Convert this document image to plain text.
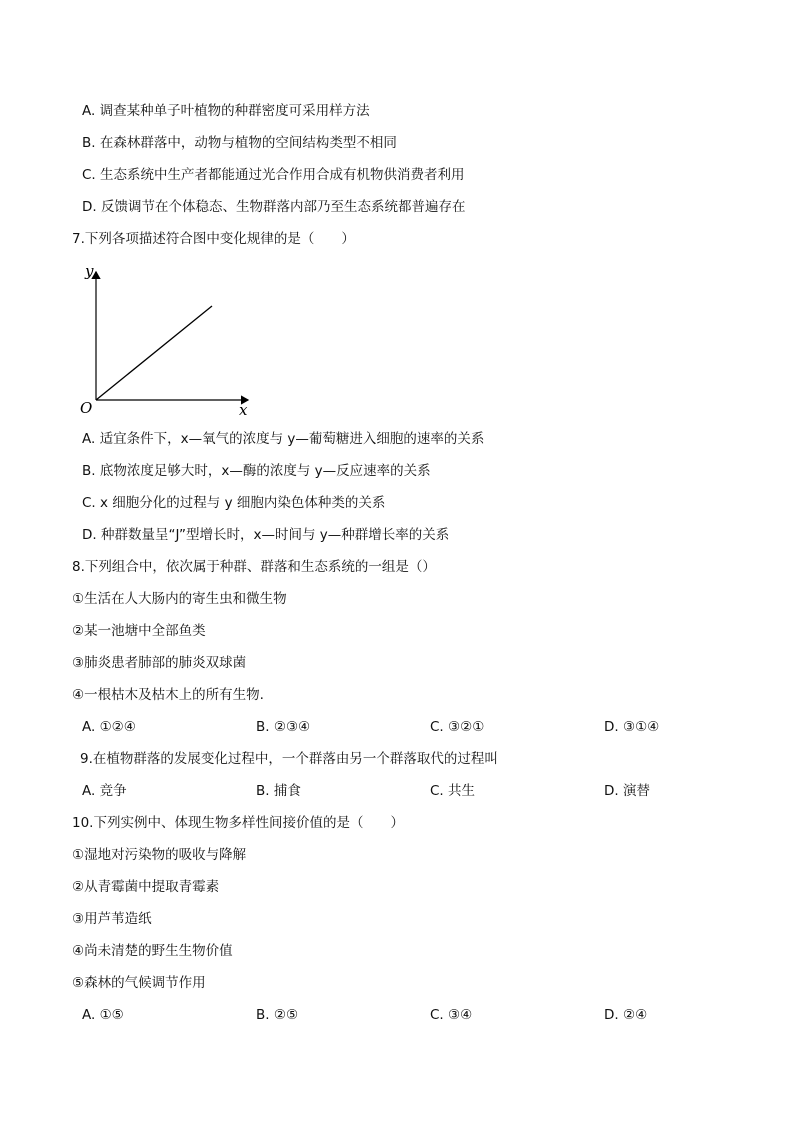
A. 调查某种单子叶植物的种群密度可采用样方法
B. 在森林群落中，动物与植物的空间结构类型不相同
C. 生态系统中生产者都能通过光合作用合成有机物供消费者利用
D. 反馈调节在个体稳态、生物群落内部乃至生态系统都普遍存在
7.下列各项描述符合图中变化规律的是（　　）
y
x
O
A. 适宜条件下，x—氧气的浓度与 y—葡萄糖进入细胞的速率的关系
B. 底物浓度足够大时，x—酶的浓度与 y—反应速率的关系
C. x 细胞分化的过程与 y 细胞内染色体种类的关系
D. 种群数量呈“J”型增长时，x—时间与 y—种群增长率的关系
8.下列组合中，依次属于种群、群落和生态系统的一组是（）
①生活在人大肠内的寄生虫和微生物
②某一池塘中全部鱼类
③肺炎患者肺部的肺炎双球菌
④一根枯木及枯木上的所有生物.
A. ①②④	B. ②③④	C. ③②①	D. ③①④
9.在植物群落的发展变化过程中，一个群落由另一个群落取代的过程叫
A. 竞争	B. 捕食	C. 共生	D. 演替
10.下列实例中、体现生物多样性间接价值的是（　　）
①湿地对污染物的吸收与降解
②从青霉菌中提取青霉素
③用芦苇造纸
④尚未清楚的野生生物价值
⑤森林的气候调节作用
A. ①⑤	B. ②⑤	C. ③④	D. ②④
